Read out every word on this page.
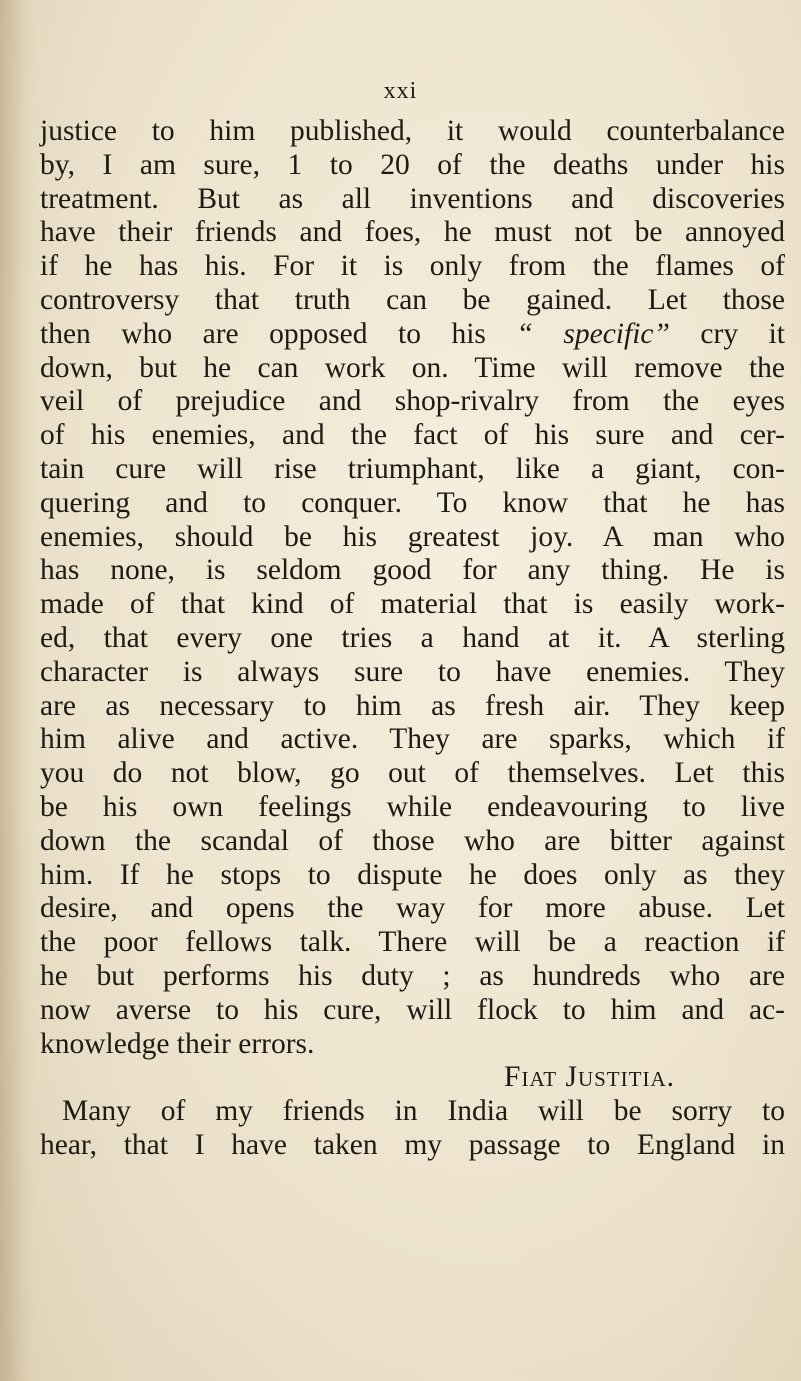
xxi
justice to him published, it would counterbalance
by, I am sure, 1 to 20 of the deaths under his
treatment. But as all inventions and discoveries
have their friends and foes, he must not be annoyed
if he has his. For it is only from the flames of
controversy that truth can be gained. Let those
then who are opposed to his “ specific” cry it
down, but he can work on. Time will remove the
veil of prejudice and shop-rivalry from the eyes
of his enemies, and the fact of his sure and cer-
tain cure will rise triumphant, like a giant, con-
quering and to conquer. To know that he has
enemies, should be his greatest joy. A man who
has none, is seldom good for any thing. He is
made of that kind of material that is easily work-
ed, that every one tries a hand at it. A sterling
character is always sure to have enemies. They
are as necessary to him as fresh air. They keep
him alive and active. They are sparks, which if
you do not blow, go out of themselves. Let this
be his own feelings while endeavouring to live
down the scandal of those who are bitter against
him. If he stops to dispute he does only as they
desire, and opens the way for more abuse. Let
the poor fellows talk. There will be a reaction if
he but performs his duty ; as hundreds who are
now averse to his cure, will flock to him and ac-
knowledge their errors.
Fiat Justitia.
Many of my friends in India will be sorry to
hear, that I have taken my passage to England in
